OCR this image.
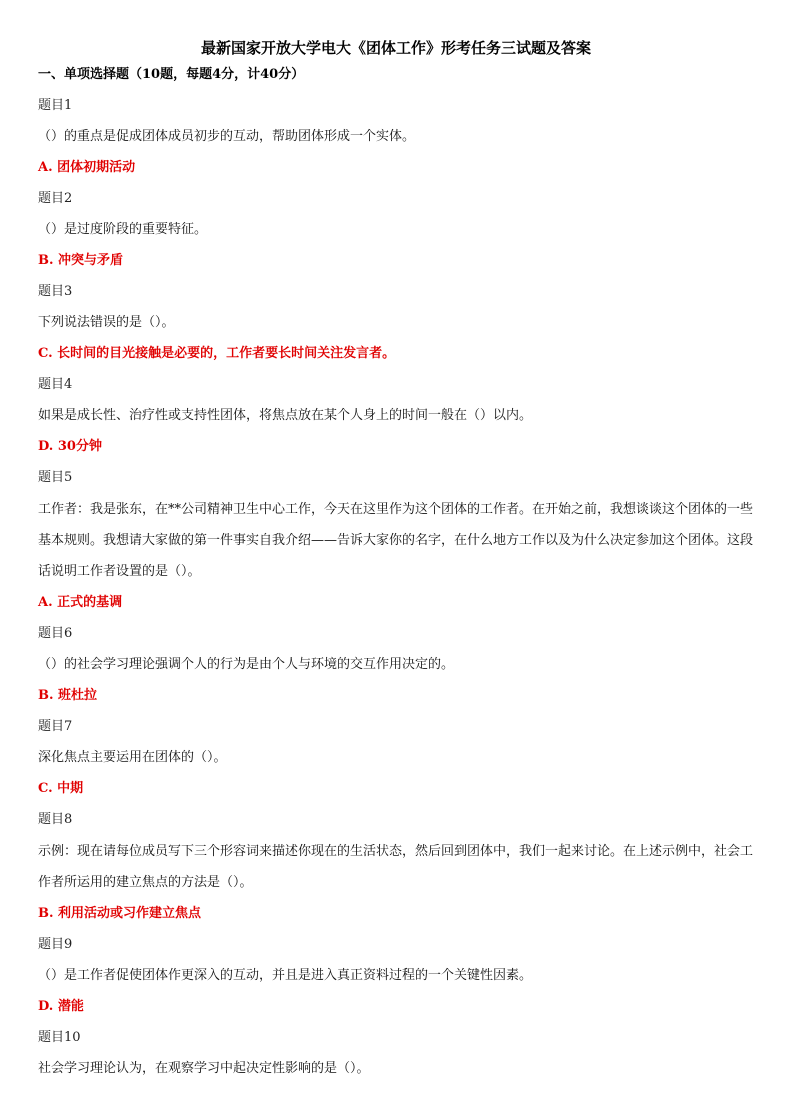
最新国家开放大学电大《团体工作》形考任务三试题及答案
一、单项选择题（10题，每题4分，计40分）
题目1
（）的重点是促成团体成员初步的互动，帮助团体形成一个实体。
A. 团体初期活动
题目2
（）是过度阶段的重要特征。
B. 冲突与矛盾
题目3
下列说法错误的是（）。
C. 长时间的目光接触是必要的，工作者要长时间关注发言者。
题目4
如果是成长性、治疗性或支持性团体，将焦点放在某个人身上的时间一般在（）以内。
D. 30分钟
题目5
工作者：我是张东，在**公司精神卫生中心工作，今天在这里作为这个团体的工作者。在开始之前，我想谈谈这个团体的一些基本规则。我想请大家做的第一件事实自我介绍——告诉大家你的名字，在什么地方工作以及为什么决定参加这个团体。这段话说明工作者设置的是（）。
A. 正式的基调
题目6
（）的社会学习理论强调个人的行为是由个人与环境的交互作用决定的。
B. 班杜拉
题目7
深化焦点主要运用在团体的（）。
C. 中期
题目8
示例：现在请每位成员写下三个形容词来描述你现在的生活状态，然后回到团体中，我们一起来讨论。在上述示例中，社会工作者所运用的建立焦点的方法是（）。
B. 利用活动或习作建立焦点
题目9
（）是工作者促使团体作更深入的互动，并且是进入真正资料过程的一个关键性因素。
D. 潜能
题目10
社会学习理论认为，在观察学习中起决定性影响的是（）。
